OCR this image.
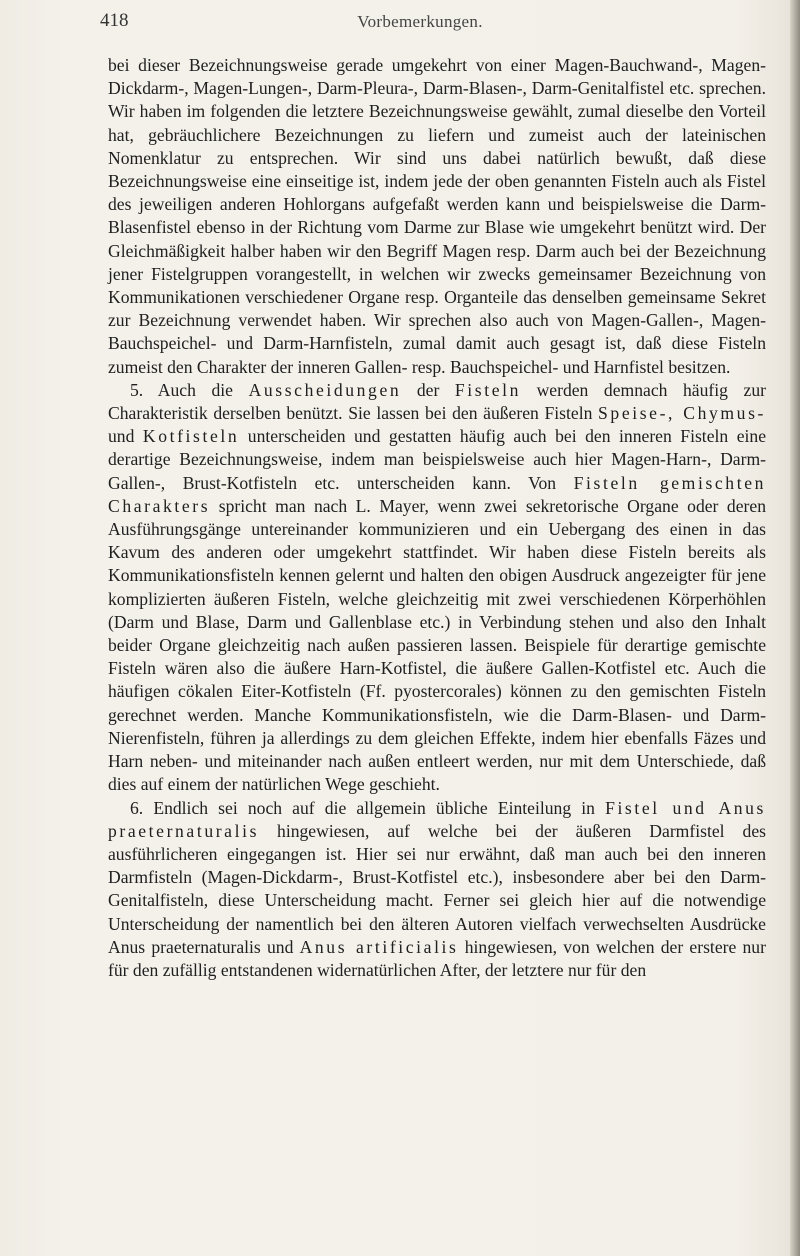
418	Vorbemerkungen.

bei dieser Bezeichnungsweise gerade umgekehrt von einer Magen-Bauchwand-, Magen-Dickdarm-, Magen-Lungen-, Darm-Pleura-, Darm-Blasen-, Darm-Genitalfistel etc. sprechen. Wir haben im folgenden die letztere Bezeichnungsweise gewählt, zumal dieselbe den Vorteil hat, gebräuchlichere Bezeichnungen zu liefern und zumeist auch der lateinischen Nomenklatur zu entsprechen. Wir sind uns dabei natürlich bewußt, daß diese Bezeichnungsweise eine einseitige ist, indem jede der oben genannten Fisteln auch als Fistel des jeweiligen anderen Hohlorgans aufgefaßt werden kann und beispielsweise die Darm-Blasenfistel ebenso in der Richtung vom Darme zur Blase wie umgekehrt benützt wird. Der Gleichmäßigkeit halber haben wir den Begriff Magen resp. Darm auch bei der Bezeichnung jener Fistelgruppen vorangestellt, in welchen wir zwecks gemeinsamer Bezeichnung von Kommunikationen verschiedener Organe resp. Organteile das denselben gemeinsame Sekret zur Bezeichnung verwendet haben. Wir sprechen also auch von Magen-Gallen-, Magen-Bauchspeichel- und Darm-Harnfisteln, zumal damit auch gesagt ist, daß diese Fisteln zumeist den Charakter der inneren Gallen- resp. Bauchspeichel- und Harnfistel besitzen.

5. Auch die Ausscheidungen der Fisteln werden demnach häufig zur Charakteristik derselben benützt. Sie lassen bei den äußeren Fisteln Speise-, Chymus- und Kotfisteln unterscheiden und gestatten häufig auch bei den inneren Fisteln eine derartige Bezeichnungsweise, indem man beispielsweise auch hier Magen-Harn-, Darm-Gallen-, Brust-Kotfisteln etc. unterscheiden kann. Von Fisteln gemischten Charakters spricht man nach L. Mayer, wenn zwei sekretorische Organe oder deren Ausführungsgänge untereinander kommunizieren und ein Uebergang des einen in das Kavum des anderen oder umgekehrt stattfindet. Wir haben diese Fisteln bereits als Kommunikationsfisteln kennen gelernt und halten den obigen Ausdruck angezeigter für jene komplizierten äußeren Fisteln, welche gleichzeitig mit zwei verschiedenen Körperhöhlen (Darm und Blase, Darm und Gallenblase etc.) in Verbindung stehen und also den Inhalt beider Organe gleichzeitig nach außen passieren lassen. Beispiele für derartige gemischte Fisteln wären also die äußere Harn-Kotfistel, die äußere Gallen-Kotfistel etc. Auch die häufigen cökalen Eiter-Kotfisteln (Ff. pyostercorales) können zu den gemischten Fisteln gerechnet werden. Manche Kommunikationsfisteln, wie die Darm-Blasen- und Darm-Nierenfisteln, führen ja allerdings zu dem gleichen Effekte, indem hier ebenfalls Fäzes und Harn neben- und miteinander nach außen entleert werden, nur mit dem Unterschiede, daß dies auf einem der natürlichen Wege geschieht.

6. Endlich sei noch auf die allgemein übliche Einteilung in Fistel und Anus praeternaturalis hingewiesen, auf welche bei der äußeren Darmfistel des ausführlicheren eingegangen ist. Hier sei nur erwähnt, daß man auch bei den inneren Darmfisteln (Magen-Dickdarm-, Brust-Kotfistel etc.), insbesondere aber bei den Darm-Genitalfisteln, diese Unterscheidung macht. Ferner sei gleich hier auf die notwendige Unterscheidung der namentlich bei den älteren Autoren vielfach verwechselten Ausdrücke Anus praeternaturalis und Anus artificialis hingewiesen, von welchen der erstere nur für den zufällig entstandenen widernatürlichen After, der letztere nur für den
